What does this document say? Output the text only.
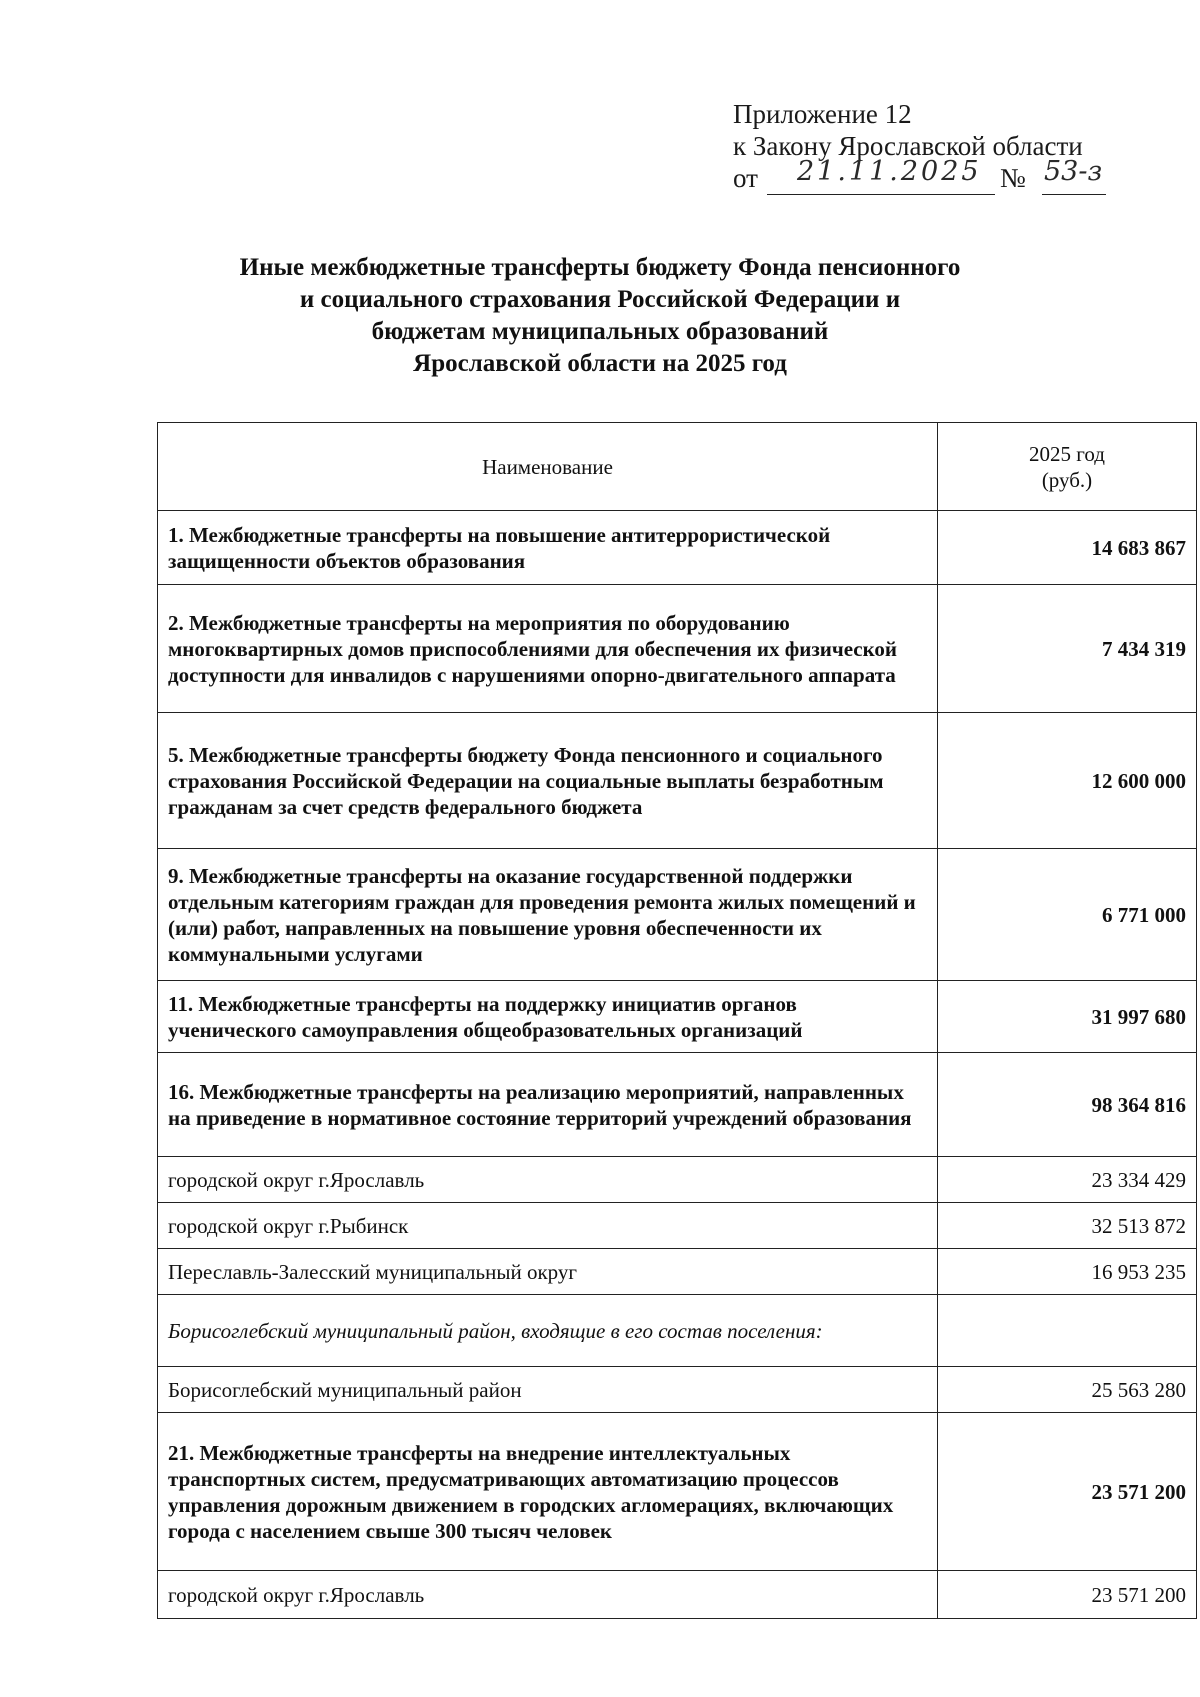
Приложение 12
к Закону Ярославской области
от 21.11.2025 № 53-з
Иные межбюджетные трансферты бюджету Фонда пенсионного
и социального страхования Российской Федерации и
бюджетам муниципальных образований
Ярославской области на 2025 год
Наименование	2025 год
(руб.)

1. Межбюджетные трансферты на повышение антитеррористической защищенности объектов образования	14 683 867
2. Межбюджетные трансферты на мероприятия по оборудованию многоквартирных домов приспособлениями для обеспечения их физической доступности для инвалидов с нарушениями опорно-двигательного аппарата	7 434 319
5. Межбюджетные трансферты бюджету Фонда пенсионного и социального страхования Российской Федерации на социальные выплаты безработным гражданам за счет средств федерального бюджета	12 600 000
9. Межбюджетные трансферты на оказание государственной поддержки отдельным категориям граждан для проведения ремонта жилых помещений и (или) работ, направленных на повышение уровня обеспеченности их коммунальными услугами	6 771 000
11. Межбюджетные трансферты на поддержку инициатив органов ученического самоуправления общеобразовательных организаций	31 997 680
16. Межбюджетные трансферты на реализацию мероприятий, направленных на приведение в нормативное состояние территорий учреждений образования	98 364 816
городской округ г.Ярославль	23 334 429
городской округ г.Рыбинск	32 513 872
Переславль-Залесский муниципальный округ	16 953 235
Борисоглебский муниципальный район, входящие в его состав поселения:	
Борисоглебский муниципальный район	25 563 280
21. Межбюджетные трансферты на внедрение интеллектуальных транспортных систем, предусматривающих автоматизацию процессов управления дорожным движением в городских агломерациях, включающих города с населением свыше 300 тысяч человек	23 571 200
городской округ г.Ярославль	23 571 200
